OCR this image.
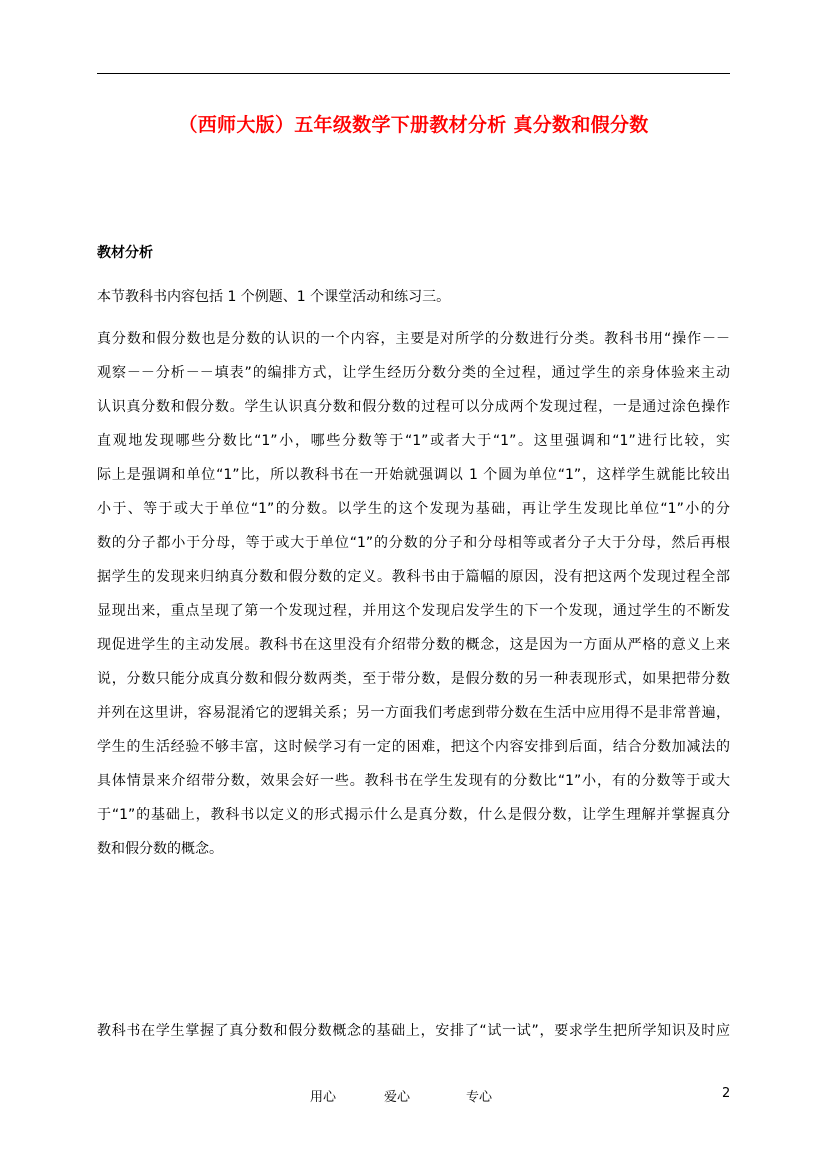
（西师大版）五年级数学下册教材分析 真分数和假分数
教材分析
本节教科书内容包括 1 个例题、1 个课堂活动和练习三。
真分数和假分数也是分数的认识的一个内容，主要是对所学的分数进行分类。教科书用“操作－－
观察－－分析－－填表”的编排方式，让学生经历分数分类的全过程，通过学生的亲身体验来主动
认识真分数和假分数。学生认识真分数和假分数的过程可以分成两个发现过程，一是通过涂色操作
直观地发现哪些分数比“1”小，哪些分数等于“1”或者大于“1”。这里强调和“1”进行比较，实
际上是强调和单位“1”比，所以教科书在一开始就强调以 1 个圆为单位“1”，这样学生就能比较出
小于、等于或大于单位“1”的分数。以学生的这个发现为基础，再让学生发现比单位“1”小的分
数的分子都小于分母，等于或大于单位“1”的分数的分子和分母相等或者分子大于分母，然后再根
据学生的发现来归纳真分数和假分数的定义。教科书由于篇幅的原因，没有把这两个发现过程全部
显现出来，重点呈现了第一个发现过程，并用这个发现启发学生的下一个发现，通过学生的不断发
现促进学生的主动发展。教科书在这里没有介绍带分数的概念，这是因为一方面从严格的意义上来
说，分数只能分成真分数和假分数两类，至于带分数，是假分数的另一种表现形式，如果把带分数
并列在这里讲，容易混淆它的逻辑关系；另一方面我们考虑到带分数在生活中应用得不是非常普遍，
学生的生活经验不够丰富，这时候学习有一定的困难，把这个内容安排到后面，结合分数加减法的
具体情景来介绍带分数，效果会好一些。教科书在学生发现有的分数比“1”小，有的分数等于或大
于“1”的基础上，教科书以定义的形式揭示什么是真分数，什么是假分数，让学生理解并掌握真分
数和假分数的概念。
教科书在学生掌握了真分数和假分数概念的基础上，安排了“试一试”，要求学生把所学知识及时应
用心	爱心	专心	2
